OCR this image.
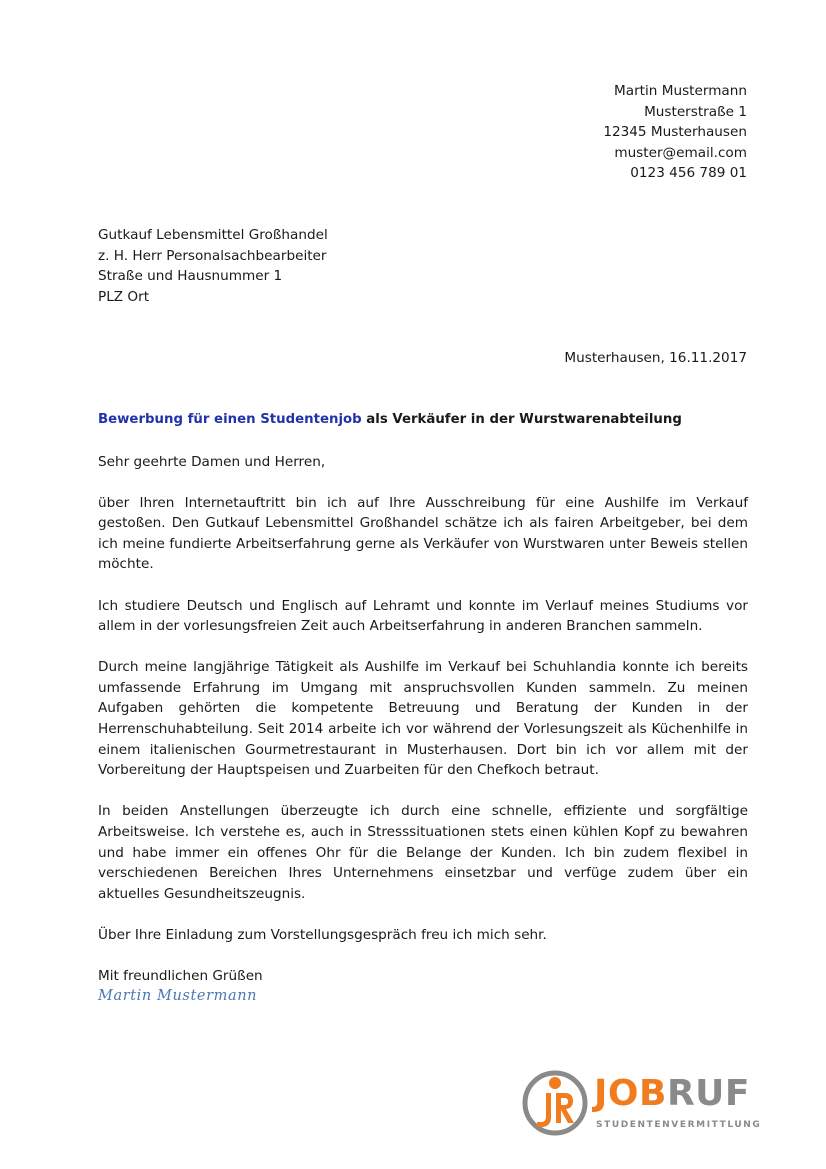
Martin Mustermann
Musterstraße 1
12345 Musterhausen
muster@email.com
0123 456 789 01
Gutkauf Lebensmittel Großhandel
z. H. Herr Personalsachbearbeiter
Straße und Hausnummer 1
PLZ Ort
Musterhausen, 16.11.2017
Bewerbung für einen Studentenjob als Verkäufer in der Wurstwarenabteilung
Sehr geehrte Damen und Herren,
über Ihren Internetauftritt bin ich auf Ihre Ausschreibung für eine Aushilfe im Verkauf gestoßen. Den Gutkauf Lebensmittel Großhandel schätze ich als fairen Arbeitgeber, bei dem ich meine fundierte Arbeitserfahrung gerne als Verkäufer von Wurstwaren unter Beweis stellen möchte.
Ich studiere Deutsch und Englisch auf Lehramt und konnte im Verlauf meines Studiums vor allem in der vorlesungsfreien Zeit auch Arbeitserfahrung in anderen Branchen sammeln.
Durch meine langjährige Tätigkeit als Aushilfe im Verkauf bei Schuhlandia konnte ich bereits umfassende Erfahrung im Umgang mit anspruchsvollen Kunden sammeln. Zu meinen Aufgaben gehörten die kompetente Betreuung und Beratung der Kunden in der Herrenschuhabteilung. Seit 2014 arbeite ich vor während der Vorlesungszeit als Küchenhilfe in einem italienischen Gourmetrestaurant in Musterhausen. Dort bin ich vor allem mit der Vorbereitung der Hauptspeisen und Zuarbeiten für den Chefkoch betraut.
In beiden Anstellungen überzeugte ich durch eine schnelle, effiziente und sorgfältige Arbeitsweise. Ich verstehe es, auch in Stresssituationen stets einen kühlen Kopf zu bewahren und habe immer ein offenes Ohr für die Belange der Kunden. Ich bin zudem flexibel in verschiedenen Bereichen Ihres Unternehmens einsetzbar und verfüge zudem über ein aktuelles Gesundheitszeugnis.
Über Ihre Einladung zum Vorstellungsgespräch freu ich mich sehr.
Mit freundlichen Grüßen
Martin Mustermann
JOBRUF
STUDENTENVERMITTLUNG
